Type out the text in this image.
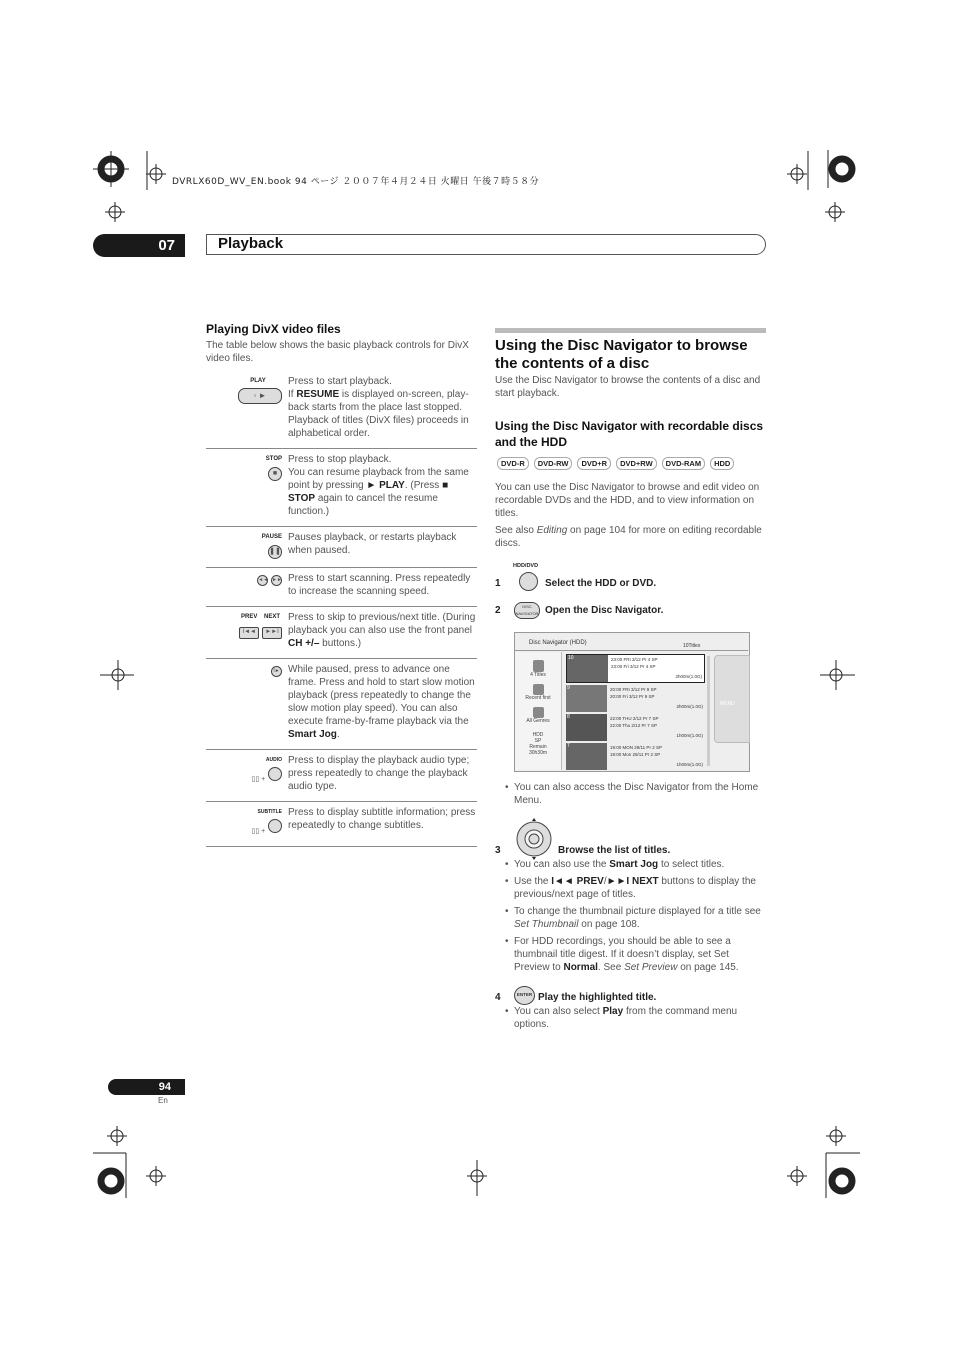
DVRLX60D_WV_EN.book 94 ページ ２００７年４月２４日 火曜日 午後７時５８分
07	Playback
Playing DivX video files
The table below shows the basic playback controls for DivX video files.
PLAY
◦ ►	Press to start playback.
If RESUME is displayed on-screen, play-back starts from the place last stopped. Playback of titles (DivX files) proceeds in alphabetical order.

STOP
■	Press to stop playback.
You can resume playback from the same point by pressing ► PLAY. (Press ■ STOP again to cancel the resume function.)

PAUSE
❚❚	Pauses playback, or restarts playback when paused.
◄◄ ►►	Press to start scanning. Press repeatedly to increase the scanning speed.

PREV
I◄◄
NEXT
►►I	Press to skip to previous/next title. (During playback you can also use the front panel CH +/– buttons.)
I►	While paused, press to advance one frame. Press and hold to start slow motion playback (press repeatedly to change the slow motion play speed). You can also execute frame-by-frame playback via the Smart Jog.

AUDIO
▯▯ +	Press to display the playback audio type; press repeatedly to change the playback audio type.

SUBTITLE
▯▯ +	Press to display subtitle information; press repeatedly to change subtitles.
Using the Disc Navigator to browse the contents of a disc
Use the Disc Navigator to browse the contents of a disc and start playback.
Using the Disc Navigator with recordable discs and the HDD
DVD-R DVD-RW DVD+R DVD+RW DVD-RAM HDD
You can use the Disc Navigator to browse and edit video on recordable DVDs and the HDD, and to view information on titles.
See also Editing on page 104 for more on editing recordable discs.
HDD/DVD
1	Select the HDD or DVD.
DISC NAVIGATOR
2	Open the Disc Navigator.
Disc Navigator (HDD)	10Titles
4 Titles
Recent first
All Genres
HDD
SP
Remain
30h30m
10	23:00 FRI 3/12 Pr 4 SP
23:00 Fri 3/12 Pr 4 SP
2h00m(1.0G)
9	20:00 FRI 3/12 Pr 9 SP
20:00 Fri 3/12 Pr 9 SP
2h00m(1.0G)
8	22:00 THU 2/12 Pr 7 SP
22:00 Thu 2/12 Pr 7 SP
1h00m(1.0G)
7	19:00 MON 29/11 Pr 2 SP
19:00 Mon 29/11 Pr 2 SP
1h00m(1.0G)
MENU
• You can also access the Disc Navigator from the Home Menu.
3	Browse the list of titles.
• You can also use the Smart Jog to select titles.
• Use the I◄◄ PREV/►►I NEXT buttons to display the previous/next page of titles.
• To change the thumbnail picture displayed for a title see Set Thumbnail on page 108.
• For HDD recordings, you should be able to see a thumbnail title digest. If it doesn’t display, set Set Preview to Normal. See Set Preview on page 145.
ENTER
4	Play the highlighted title.
• You can also select Play from the command menu options.
94
En
